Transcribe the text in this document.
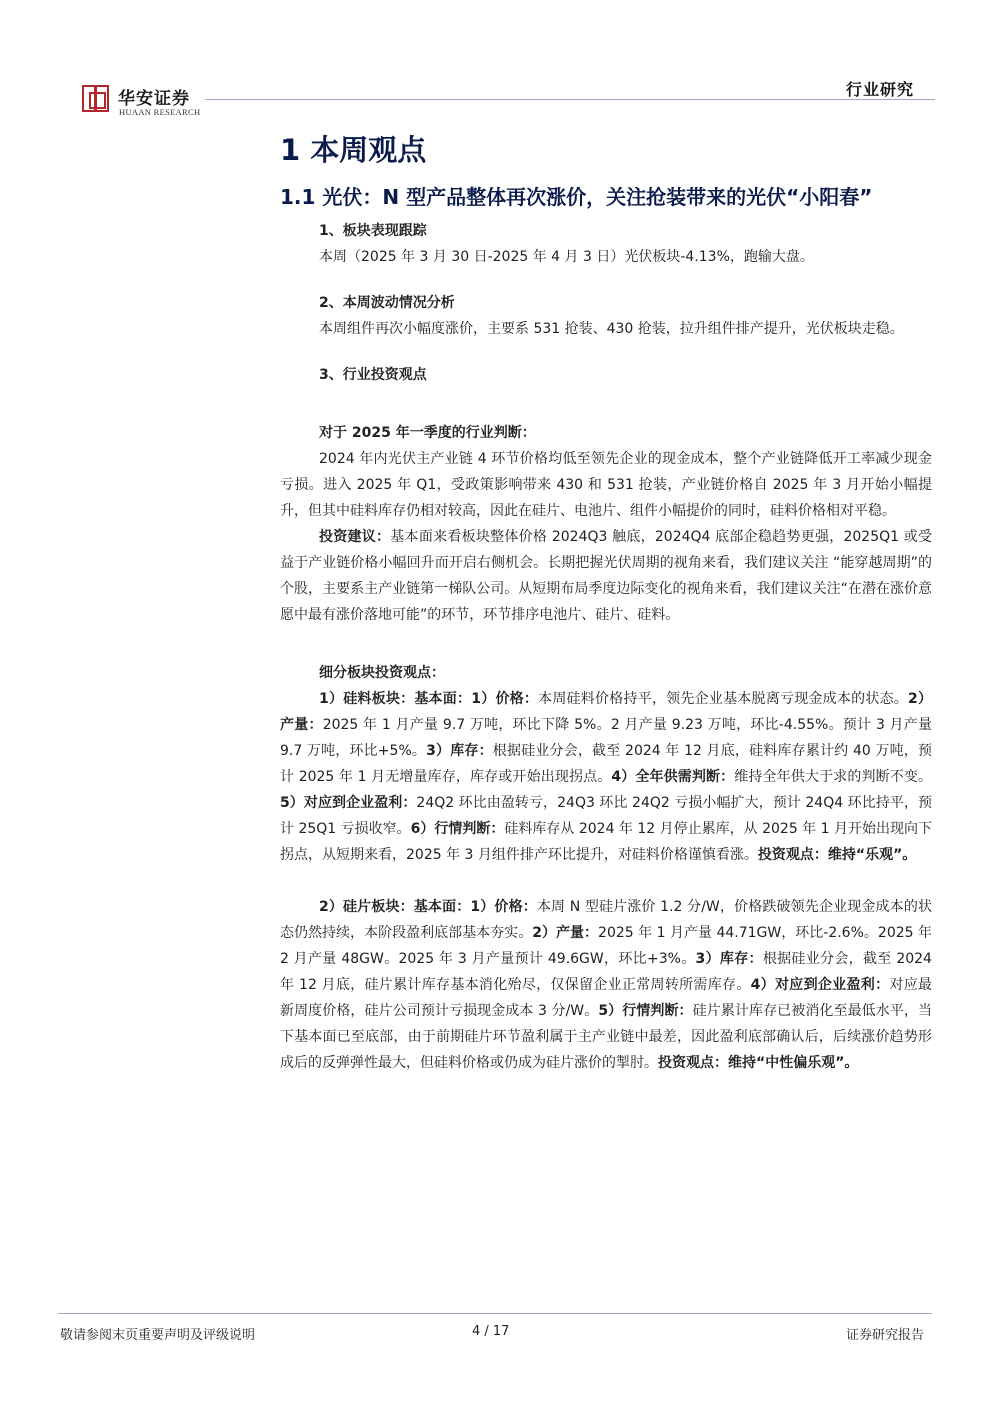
华安证券
HUAAN RESEARCH
行业研究
1 本周观点
1.1 光伏：N 型产品整体再次涨价，关注抢装带来的光伏“小阳春”
1、板块表现跟踪

本周（2025 年 3 月 30 日-2025 年 4 月 3 日）光伏板块-4.13%，跑输大盘。

2、本周波动情况分析

本周组件再次小幅度涨价，主要系 531 抢装、430 抢装，拉升组件排产提升，光伏板块走稳。

3、行业投资观点
对于 2025 年一季度的行业判断：

2024 年内光伏主产业链 4 环节价格均低至领先企业的现金成本，整个产业链降低开工率减少现金亏损。进入 2025 年 Q1，受政策影响带来 430 和 531 抢装，产业链价格自 2025 年 3 月开始小幅提升，但其中硅料库存仍相对较高，因此在硅片、电池片、组件小幅提价的同时，硅料价格相对平稳。

投资建议：基本面来看板块整体价格 2024Q3 触底，2024Q4 底部企稳趋势更强，2025Q1 或受益于产业链价格小幅回升而开启右侧机会。长期把握光伏周期的视角来看，我们建议关注 “能穿越周期”的个股，主要系主产业链第一梯队公司。从短期布局季度边际变化的视角来看，我们建议关注“在潜在涨价意愿中最有涨价落地可能”的环节，环节排序电池片、硅片、硅料。

细分板块投资观点：

1）硅料板块：基本面：1）价格：本周硅料价格持平，领先企业基本脱离亏现金成本的状态。2）产量：2025 年 1 月产量 9.7 万吨，环比下降 5%。2 月产量 9.23 万吨，环比-4.55%。预计 3 月产量 9.7 万吨，环比+5%。3）库存：根据硅业分会，截至 2024 年 12 月底，硅料库存累计约 40 万吨，预计 2025 年 1 月无增量库存，库存或开始出现拐点。4）全年供需判断：维持全年供大于求的判断不变。5）对应到企业盈利：24Q2 环比由盈转亏，24Q3 环比 24Q2 亏损小幅扩大，预计 24Q4 环比持平，预计 25Q1 亏损收窄。6）行情判断：硅料库存从 2024 年 12 月停止累库，从 2025 年 1 月开始出现向下拐点，从短期来看，2025 年 3 月组件排产环比提升，对硅料价格谨慎看涨。投资观点：维持“乐观”。

2）硅片板块：基本面：1）价格：本周 N 型硅片涨价 1.2 分/W，价格跌破领先企业现金成本的状态仍然持续，本阶段盈利底部基本夯实。2）产量：2025 年 1 月产量 44.71GW，环比-2.6%。2025 年 2 月产量 48GW。2025 年 3 月产量预计 49.6GW，环比+3%。3）库存：根据硅业分会，截至 2024 年 12 月底，硅片累计库存基本消化殆尽，仅保留企业正常周转所需库存。4）对应到企业盈利：对应最新周度价格，硅片公司预计亏损现金成本 3 分/W。5）行情判断：硅片累计库存已被消化至最低水平，当下基本面已至底部，由于前期硅片环节盈利属于主产业链中最差，因此盈利底部确认后，后续涨价趋势形成后的反弹弹性最大，但硅料价格或仍成为硅片涨价的掣肘。投资观点：维持“中性偏乐观”。

敬请参阅末页重要声明及评级说明	4 / 17	证券研究报告
